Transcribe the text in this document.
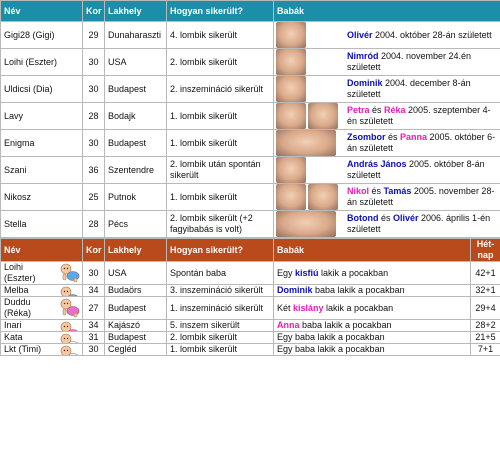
Név	Kor	Lakhely	Hogyan sikerült?	Babák
Gigi28 (Gigi)	29	Dunaharaszti	4. lombik sikerült	Olivér 2004. október 28-án született

Loihi (Eszter)	30	USA	2. lombik sikerült	Nimród 2004. november 24.én született

Uldicsi (Dia)	30	Budapest	2. inszemináció sikerült	Dominik 2004. december 8-án született

Lavy	28	Bodajk	1. lombik sikerült	Petra és Réka 2005. szeptember 4-én született

Enigma	30	Budapest	1. lombik sikerült	Zsombor és Panna 2005. október 6-án született

Szani	36	Szentendre	2. lombik után spontán sikerült	András János 2005. október 8-án született

Nikosz	25	Putnok	1. lombik sikerült	Nikol és Tamás 2005. november 28-án született

Stella	28	Pécs	2. lombik sikerült (+2 fagyibabás is volt)	Botond és Olivér 2006. április 1-én született
Név	Kor	Lakhely	Hogyan sikerült?	Babák	Hét-
nap
Loihi (Eszter)	30	USA	Spontán baba	Egy kisfiú lakik a pocakban	42+1
Melba	34	Budaörs	3. inszemináció sikerült	Dominik baba lakik a pocakban	32+1
Duddu (Réka)	27	Budapest	1. inszemináció sikerült	Két kislány lakik a pocakban	29+4
Inari	34	Kajászó	5. inszem sikerült	Anna baba lakik a pocakban	28+2
Kata	31	Budapest	2. lombik sikerült	Egy baba lakik a pocakban	21+5
Lkt (Timi)	30	Cegléd	1. lombik sikerült	Egy baba lakik a pocakban	7+1
